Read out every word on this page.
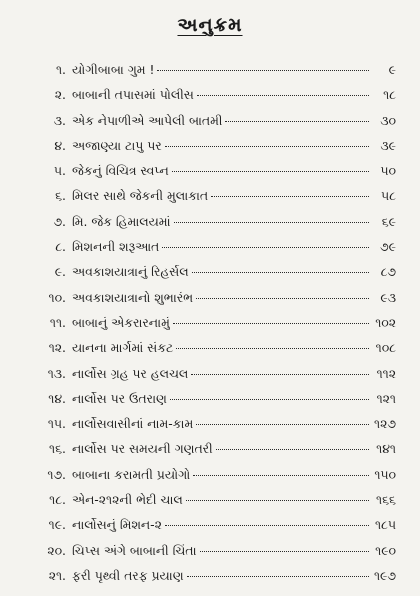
અનુક્રમ
૧. યોગીબાબા ગુમ !	૯
૨. બાબાની તપાસમાં પોલીસ	૧૮
૩. એક નેપાળીએ આપેલી બાતમી	૩૦
૪. અજાણ્યા ટાપુ પર	૩૯
૫. જેકનું વિચિત્ર સ્વપ્ન	૫૦
૬. મિલર સાથે જેકની મુલાકાત	૫૮
૭. મિ. જેક હિમાલયમાં	૬૯
૮. મિશનની શરૂઆત	૭૯
૯. અવકાશયાત્રાનું રિહર્સલ	૮૭
૧૦. અવકાશયાત્રાનો શુભારંભ	૯૩
૧૧. બાબાનું એકરારનામું	૧૦૨
૧૨. યાનના માર્ગમાં સંકટ	૧૦૮
૧૩. નાર્લોસ ગ્રહ પર હલચલ	૧૧૨
૧૪. નાર્લોસ પર ઉતરાણ	૧૨૧
૧૫. નાર્લોસવાસીનાં નામ-કામ	૧૨૭
૧૬. નાર્લોસ પર સમયની ગણતરી	૧૪૧
૧૭. બાબાના કરામતી પ્રયોગો	૧૫૦
૧૮. એન-૨૧૨ની ભેદી ચાલ	૧૬૬
૧૯. નાર્લોસનું મિશન-૨	૧૮૫
૨૦. ચિપ્સ અંગે બાબાની ચિંતા	૧૯૦
૨૧. ફરી પૃથ્વી તરફ પ્રયાણ	૧૯૭
